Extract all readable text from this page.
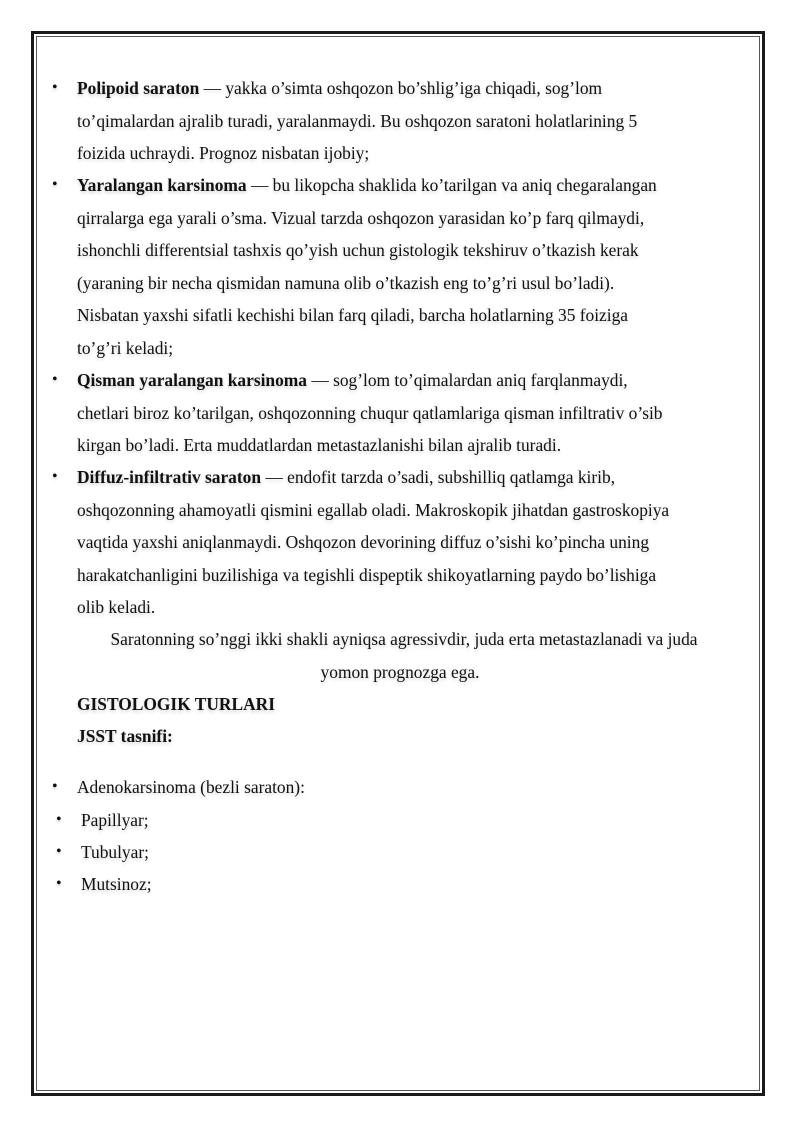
• Polipoid saraton — yakka o’simta oshqozon bo’shlig’iga chiqadi, sog’lom
to’qimalardan ajralib turadi, yaralanmaydi. Bu oshqozon saratoni holatlarining 5
foizida uchraydi. Prognoz nisbatan ijobiy;
• Yaralangan karsinoma — bu likopcha shaklida ko’tarilgan va aniq chegaralangan
qirralarga ega yarali o’sma. Vizual tarzda oshqozon yarasidan ko’p farq qilmaydi,
ishonchli differentsial tashxis qo’yish uchun gistologik tekshiruv o’tkazish kerak
(yaraning bir necha qismidan namuna olib o’tkazish eng to’g’ri usul bo’ladi).
Nisbatan yaxshi sifatli kechishi bilan farq qiladi, barcha holatlarning 35 foiziga
to’g’ri keladi;
• Qisman yaralangan karsinoma — sog’lom to’qimalardan aniq farqlanmaydi,
chetlari biroz ko’tarilgan, oshqozonning chuqur qatlamlariga qisman infiltrativ o’sib
kirgan bo’ladi. Erta muddatlardan metastazlanishi bilan ajralib turadi.
• Diffuz-infiltrativ saraton — endofit tarzda o’sadi, subshilliq qatlamga kirib,
oshqozonning ahamoyatli qismini egallab oladi. Makroskopik jihatdan gastroskopiya
vaqtida yaxshi aniqlanmaydi. Oshqozon devorining diffuz o’sishi ko’pincha uning
harakatchanligini buzilishiga va tegishli dispeptik shikoyatlarning paydo bo’lishiga
olib keladi.
Saratonning so’nggi ikki shakli ayniqsa agressivdir, juda erta metastazlanadi va juda
yomon prognozga ega.
GISTOLOGIK TURLARI
JSST tasnifi:
• Adenokarsinoma (bezli saraton):
• Papillyar;
• Tubulyar;
• Mutsinoz;
